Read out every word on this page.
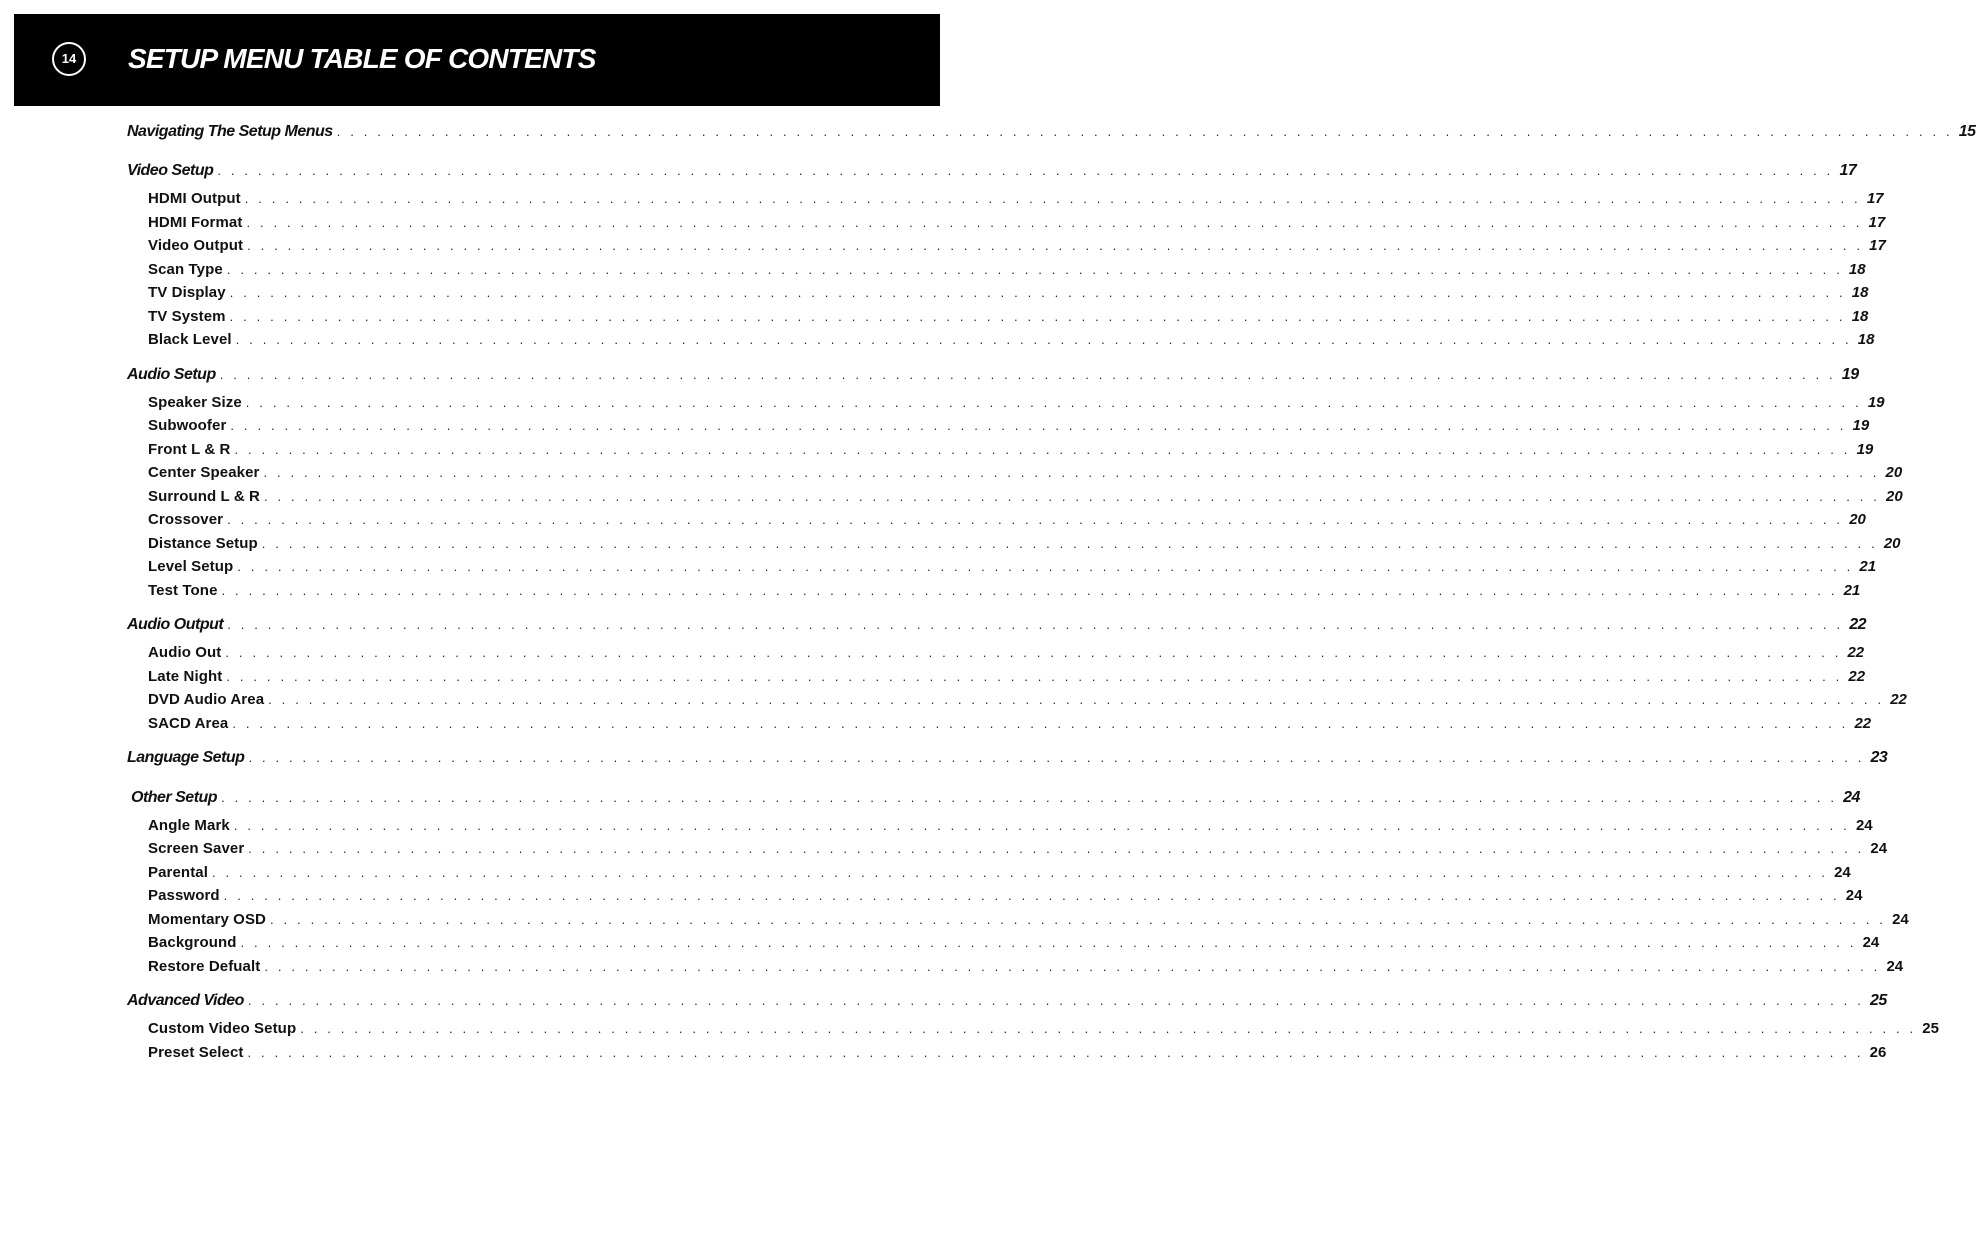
14	SETUP MENU TABLE OF CONTENTS
Navigating The Setup Menus . . . . . . . . . . . . . . . . . . . . . . . . . . . . . . . . . . . . . . . . . . . . . . . . . . . . . . . . . . . . . . . . . . . . . . . . . . . . . . . . . . . . . . . . . . . . . . . . . . . . . . . . . . . . . . . . . . . . . . . . 15
Video Setup . . . . . . . . . . . . . . . . . . . . . . . . . . . . . . . . . . . . . . . . . . . . . . . . . . . . . . . . . . . . . . . . . . . . . . . . . . . . . . . . . . . . . . . . . . . . . . . . . . . . . . . . . . . . . . . . . . . . . . . . 17
HDMI Output . . . . . . . . . . . . . . . . . . . . . . . . . . . . . . . . . . . . . . . . . . . . . . . . . . . . . . . . . . . . . . . . . . . . . . . . . . . . . . . . . . . . . . . . . . . . . . . . . . . . . . . . . . . . . . . . . . . . . . . . 17
HDMI Format . . . . . . . . . . . . . . . . . . . . . . . . . . . . . . . . . . . . . . . . . . . . . . . . . . . . . . . . . . . . . . . . . . . . . . . . . . . . . . . . . . . . . . . . . . . . . . . . . . . . . . . . . . . . . . . . . . . . . . . . 17
Video Output . . . . . . . . . . . . . . . . . . . . . . . . . . . . . . . . . . . . . . . . . . . . . . . . . . . . . . . . . . . . . . . . . . . . . . . . . . . . . . . . . . . . . . . . . . . . . . . . . . . . . . . . . . . . . . . . . . . . . . . . 17
Scan Type . . . . . . . . . . . . . . . . . . . . . . . . . . . . . . . . . . . . . . . . . . . . . . . . . . . . . . . . . . . . . . . . . . . . . . . . . . . . . . . . . . . . . . . . . . . . . . . . . . . . . . . . . . . . . . . . . . . . . . . . 18
TV Display . . . . . . . . . . . . . . . . . . . . . . . . . . . . . . . . . . . . . . . . . . . . . . . . . . . . . . . . . . . . . . . . . . . . . . . . . . . . . . . . . . . . . . . . . . . . . . . . . . . . . . . . . . . . . . . . . . . . . . . . 18
TV System . . . . . . . . . . . . . . . . . . . . . . . . . . . . . . . . . . . . . . . . . . . . . . . . . . . . . . . . . . . . . . . . . . . . . . . . . . . . . . . . . . . . . . . . . . . . . . . . . . . . . . . . . . . . . . . . . . . . . . . . 18
Black Level . . . . . . . . . . . . . . . . . . . . . . . . . . . . . . . . . . . . . . . . . . . . . . . . . . . . . . . . . . . . . . . . . . . . . . . . . . . . . . . . . . . . . . . . . . . . . . . . . . . . . . . . . . . . . . . . . . . . . . . . 18
Audio Setup . . . . . . . . . . . . . . . . . . . . . . . . . . . . . . . . . . . . . . . . . . . . . . . . . . . . . . . . . . . . . . . . . . . . . . . . . . . . . . . . . . . . . . . . . . . . . . . . . . . . . . . . . . . . . . . . . . . . . . . . 19
Speaker Size . . . . . . . . . . . . . . . . . . . . . . . . . . . . . . . . . . . . . . . . . . . . . . . . . . . . . . . . . . . . . . . . . . . . . . . . . . . . . . . . . . . . . . . . . . . . . . . . . . . . . . . . . . . . . . . . . . . . . . . . 19
Subwoofer . . . . . . . . . . . . . . . . . . . . . . . . . . . . . . . . . . . . . . . . . . . . . . . . . . . . . . . . . . . . . . . . . . . . . . . . . . . . . . . . . . . . . . . . . . . . . . . . . . . . . . . . . . . . . . . . . . . . . . . . 19
Front L & R . . . . . . . . . . . . . . . . . . . . . . . . . . . . . . . . . . . . . . . . . . . . . . . . . . . . . . . . . . . . . . . . . . . . . . . . . . . . . . . . . . . . . . . . . . . . . . . . . . . . . . . . . . . . . . . . . . . . . . . . 19
Center Speaker . . . . . . . . . . . . . . . . . . . . . . . . . . . . . . . . . . . . . . . . . . . . . . . . . . . . . . . . . . . . . . . . . . . . . . . . . . . . . . . . . . . . . . . . . . . . . . . . . . . . . . . . . . . . . . . . . . . . . . . . 20
Surround L & R . . . . . . . . . . . . . . . . . . . . . . . . . . . . . . . . . . . . . . . . . . . . . . . . . . . . . . . . . . . . . . . . . . . . . . . . . . . . . . . . . . . . . . . . . . . . . . . . . . . . . . . . . . . . . . . . . . . . . . . . 20
Crossover . . . . . . . . . . . . . . . . . . . . . . . . . . . . . . . . . . . . . . . . . . . . . . . . . . . . . . . . . . . . . . . . . . . . . . . . . . . . . . . . . . . . . . . . . . . . . . . . . . . . . . . . . . . . . . . . . . . . . . . . 20
Distance Setup . . . . . . . . . . . . . . . . . . . . . . . . . . . . . . . . . . . . . . . . . . . . . . . . . . . . . . . . . . . . . . . . . . . . . . . . . . . . . . . . . . . . . . . . . . . . . . . . . . . . . . . . . . . . . . . . . . . . . . . . 20
Level Setup . . . . . . . . . . . . . . . . . . . . . . . . . . . . . . . . . . . . . . . . . . . . . . . . . . . . . . . . . . . . . . . . . . . . . . . . . . . . . . . . . . . . . . . . . . . . . . . . . . . . . . . . . . . . . . . . . . . . . . . . 21
Test Tone . . . . . . . . . . . . . . . . . . . . . . . . . . . . . . . . . . . . . . . . . . . . . . . . . . . . . . . . . . . . . . . . . . . . . . . . . . . . . . . . . . . . . . . . . . . . . . . . . . . . . . . . . . . . . . . . . . . . . . . . 21
Audio Output . . . . . . . . . . . . . . . . . . . . . . . . . . . . . . . . . . . . . . . . . . . . . . . . . . . . . . . . . . . . . . . . . . . . . . . . . . . . . . . . . . . . . . . . . . . . . . . . . . . . . . . . . . . . . . . . . . . . . . . . 22
Audio Out . . . . . . . . . . . . . . . . . . . . . . . . . . . . . . . . . . . . . . . . . . . . . . . . . . . . . . . . . . . . . . . . . . . . . . . . . . . . . . . . . . . . . . . . . . . . . . . . . . . . . . . . . . . . . . . . . . . . . . . . 22
Late Night . . . . . . . . . . . . . . . . . . . . . . . . . . . . . . . . . . . . . . . . . . . . . . . . . . . . . . . . . . . . . . . . . . . . . . . . . . . . . . . . . . . . . . . . . . . . . . . . . . . . . . . . . . . . . . . . . . . . . . . . 22
DVD Audio Area . . . . . . . . . . . . . . . . . . . . . . . . . . . . . . . . . . . . . . . . . . . . . . . . . . . . . . . . . . . . . . . . . . . . . . . . . . . . . . . . . . . . . . . . . . . . . . . . . . . . . . . . . . . . . . . . . . . . . . . . 22
SACD Area . . . . . . . . . . . . . . . . . . . . . . . . . . . . . . . . . . . . . . . . . . . . . . . . . . . . . . . . . . . . . . . . . . . . . . . . . . . . . . . . . . . . . . . . . . . . . . . . . . . . . . . . . . . . . . . . . . . . . . . . 22
Language Setup . . . . . . . . . . . . . . . . . . . . . . . . . . . . . . . . . . . . . . . . . . . . . . . . . . . . . . . . . . . . . . . . . . . . . . . . . . . . . . . . . . . . . . . . . . . . . . . . . . . . . . . . . . . . . . . . . . . . . . . . 23
Other Setup . . . . . . . . . . . . . . . . . . . . . . . . . . . . . . . . . . . . . . . . . . . . . . . . . . . . . . . . . . . . . . . . . . . . . . . . . . . . . . . . . . . . . . . . . . . . . . . . . . . . . . . . . . . . . . . . . . . . . . . . 24
Angle Mark . . . . . . . . . . . . . . . . . . . . . . . . . . . . . . . . . . . . . . . . . . . . . . . . . . . . . . . . . . . . . . . . . . . . . . . . . . . . . . . . . . . . . . . . . . . . . . . . . . . . . . . . . . . . . . . . . . . . . . . . 24
Screen Saver . . . . . . . . . . . . . . . . . . . . . . . . . . . . . . . . . . . . . . . . . . . . . . . . . . . . . . . . . . . . . . . . . . . . . . . . . . . . . . . . . . . . . . . . . . . . . . . . . . . . . . . . . . . . . . . . . . . . . . . . 24
Parental . . . . . . . . . . . . . . . . . . . . . . . . . . . . . . . . . . . . . . . . . . . . . . . . . . . . . . . . . . . . . . . . . . . . . . . . . . . . . . . . . . . . . . . . . . . . . . . . . . . . . . . . . . . . . . . . . . . . . . . . 24
Password . . . . . . . . . . . . . . . . . . . . . . . . . . . . . . . . . . . . . . . . . . . . . . . . . . . . . . . . . . . . . . . . . . . . . . . . . . . . . . . . . . . . . . . . . . . . . . . . . . . . . . . . . . . . . . . . . . . . . . . . 24
Momentary OSD . . . . . . . . . . . . . . . . . . . . . . . . . . . . . . . . . . . . . . . . . . . . . . . . . . . . . . . . . . . . . . . . . . . . . . . . . . . . . . . . . . . . . . . . . . . . . . . . . . . . . . . . . . . . . . . . . . . . . . . . 24
Background . . . . . . . . . . . . . . . . . . . . . . . . . . . . . . . . . . . . . . . . . . . . . . . . . . . . . . . . . . . . . . . . . . . . . . . . . . . . . . . . . . . . . . . . . . . . . . . . . . . . . . . . . . . . . . . . . . . . . . . . 24
Restore Defualt . . . . . . . . . . . . . . . . . . . . . . . . . . . . . . . . . . . . . . . . . . . . . . . . . . . . . . . . . . . . . . . . . . . . . . . . . . . . . . . . . . . . . . . . . . . . . . . . . . . . . . . . . . . . . . . . . . . . . . . . 24
Advanced Video . . . . . . . . . . . . . . . . . . . . . . . . . . . . . . . . . . . . . . . . . . . . . . . . . . . . . . . . . . . . . . . . . . . . . . . . . . . . . . . . . . . . . . . . . . . . . . . . . . . . . . . . . . . . . . . . . . . . . . . . 25
Custom Video Setup . . . . . . . . . . . . . . . . . . . . . . . . . . . . . . . . . . . . . . . . . . . . . . . . . . . . . . . . . . . . . . . . . . . . . . . . . . . . . . . . . . . . . . . . . . . . . . . . . . . . . . . . . . . . . . . . . . . . . . . . 25
Preset Select . . . . . . . . . . . . . . . . . . . . . . . . . . . . . . . . . . . . . . . . . . . . . . . . . . . . . . . . . . . . . . . . . . . . . . . . . . . . . . . . . . . . . . . . . . . . . . . . . . . . . . . . . . . . . . . . . . . . . . . . 26
